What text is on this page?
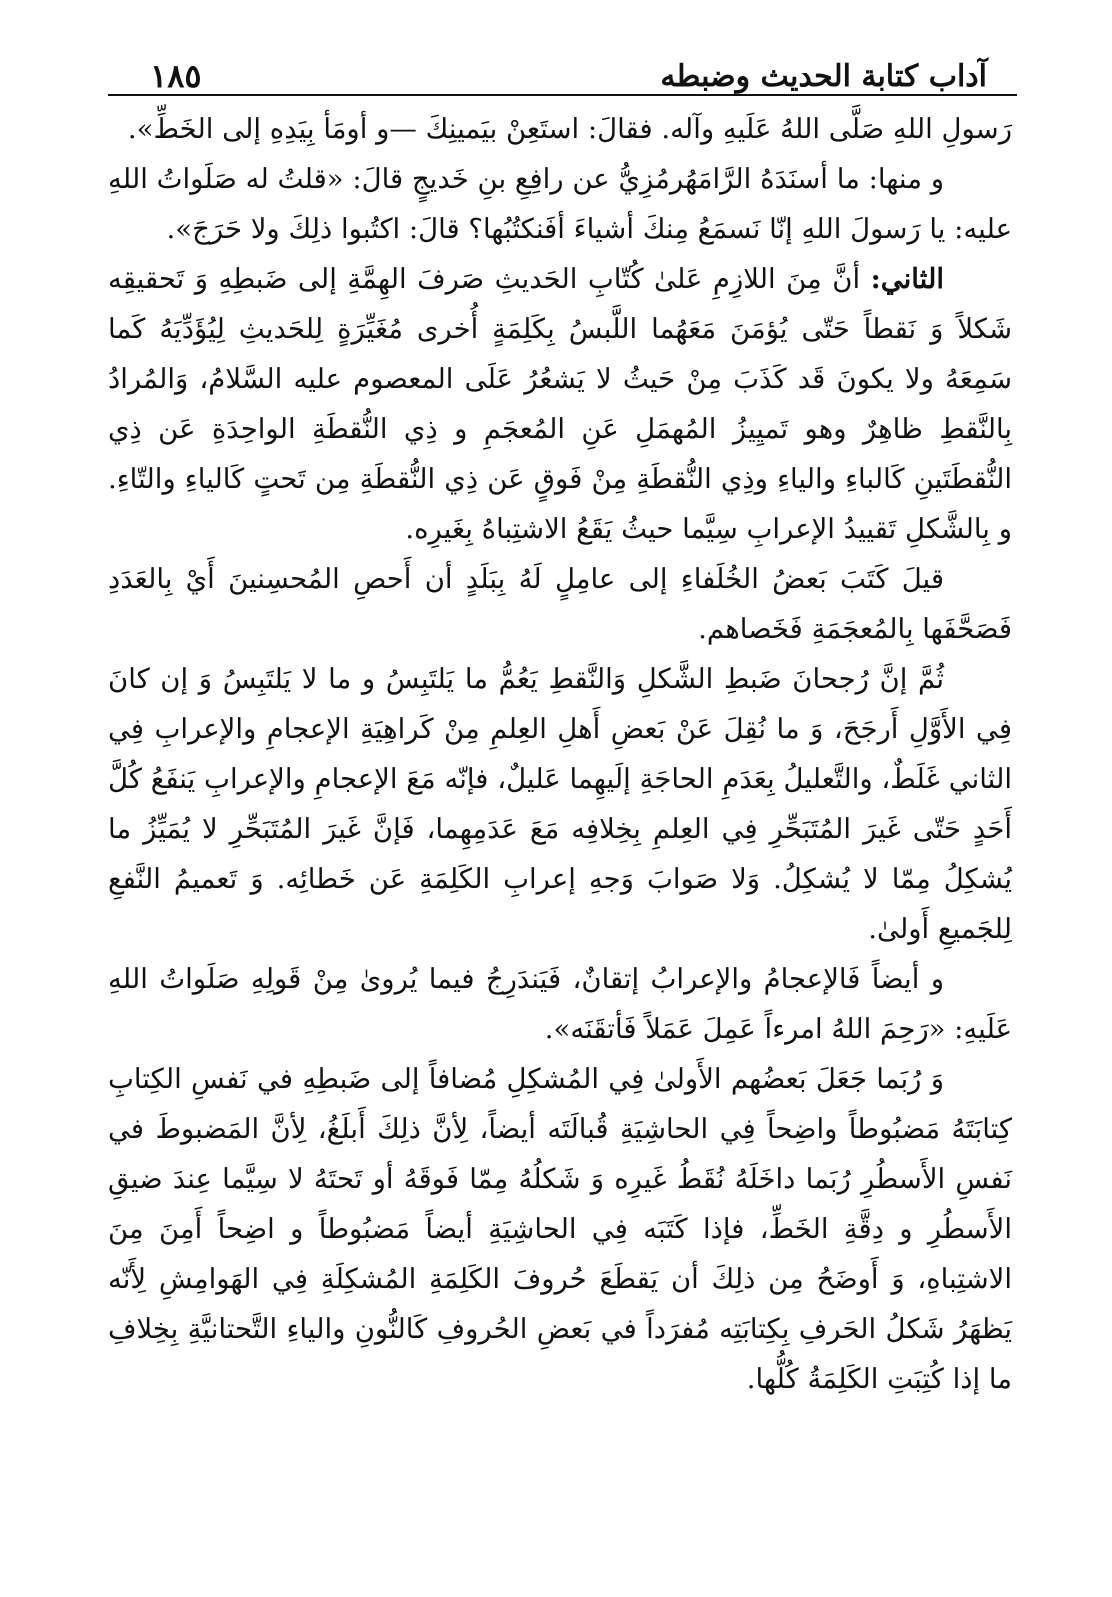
آداب كتابة الحديث وضبطه
١٨٥

رَسولِ اللهِ صَلَّى اللهُ عَلَيهِ وآله. فقالَ: استَعِنْ بيَمينِكَ —و أومَأ بِيَدِهِ إلى الخَطِّ».

و منها: ما أسنَدَهُ الرَّامَهُرمُزِيُّ عن رافِعِ بنِ خَديجٍ قالَ: «قلتُ له صَلَواتُ اللهِ عليه: يا رَسولَ اللهِ إنّا نَسمَعُ مِنكَ أشياءَ أفَنكتُبُها؟ قالَ: اكتُبوا ذلِكَ ولا حَرَجَ».

الثاني: أنَّ مِنَ اللازِمِ عَلىٰ كُتّابِ الحَديثِ صَرفَ الهِمَّةِ إلى ضَبطِهِ وَ تَحقيقِه شَكلاً وَ نَقطاً حَتّى يُؤمَنَ مَعَهُما اللَّبسُ بِكَلِمَةٍ أُخرى مُغَيِّرَةٍ لِلحَديثِ لِيُؤَدِّيَهُ كَما سَمِعَهُ ولا يكونَ قَد كَذَبَ مِنْ حَيثُ لا يَشعُرُ عَلَى المعصوم عليه السَّلامُ، وَالمُرادُ بِالنَّقطِ ظاهِرٌ وهو تَميِيزُ المُهمَلِ عَنِ المُعجَمِ و ذِي النُّقطَةِ الواحِدَةِ عَن ذِي النُّقطَتَينِ كَالباءِ والياءِ وذِي النُّقطَةِ مِنْ فَوقٍ عَن ذِي النُّقطَةِ مِن تَحتٍ كَالياءِ والتّاءِ. و بِالشَّكلِ تَقييدُ الإعرابِ سِيَّما حيثُ يَقَعُ الاشتِباهُ بِغَيرِه.

قيلَ كَتَبَ بَعضُ الخُلَفاءِ إلى عامِلٍ لَهُ بِبَلَدٍ أن أَحصِ المُحسِنينَ أَيْ بِالعَدَدِ فَصَحَّفَها بِالمُعجَمَةِ فَخَصاهم.

ثُمَّ إنَّ رُجحانَ ضَبطِ الشَّكلِ وَالنَّقطِ يَعُمُّ ما يَلتَبِسُ و ما لا يَلتَبِسُ وَ إن كانَ فِي الأَوَّلِ أَرجَحَ، وَ ما نُقِلَ عَنْ بَعضِ أَهلِ العِلمِ مِنْ كَراهِيَةِ الإعجامِ والإعرابِ فِي الثاني غَلَطٌ، والتَّعليلُ بِعَدَمِ الحاجَةِ إلَيهِما عَليلٌ، فإنّه مَعَ الإعجامِ والإعرابِ يَنفَعُ كُلَّ أَحَدٍ حَتّى غَيرَ المُتَبَحِّرِ فِي العِلمِ بِخِلافِه مَعَ عَدَمِهِما، فَإنَّ غَيرَ المُتَبَحِّرِ لا يُمَيِّزُ ما يُشكِلُ مِمّا لا يُشكِلُ. وَلا صَوابَ وَجهِ إعرابِ الكَلِمَةِ عَن خَطائِه. وَ تَعميمُ النَّفعِ لِلجَميعِ أَولىٰ.

و أيضاً فَالإعجامُ والإعرابُ إتقانٌ، فَيَندَرِجُ فيما يُروىٰ مِنْ قَولِهِ صَلَواتُ اللهِ عَلَيهِ: «رَحِمَ اللهُ امرءاً عَمِلَ عَمَلاً فَأتقَنَه».

وَ رُبَما جَعَلَ بَعضُهم الأَولىٰ فِي المُشكِلِ مُضافاً إلى ضَبطِهِ في نَفسِ الكِتابِ كِتابَتَهُ مَضبُوطاً واضِحاً فِي الحاشِيَةِ قُبالَتَه أيضاً، لِأنَّ ذلِكَ أَبلَغُ، لِأنَّ المَضبوطَ في نَفسِ الأَسطُرِ رُبَما داخَلَهُ نُقَطُ غَيرِه وَ شَكلُهُ مِمّا فَوقَهُ أو تَحتَهُ لا سِيَّما عِندَ ضيقِ الأَسطُرِ و دِقَّةِ الخَطِّ، فإذا كَتَبَه فِي الحاشِيَةِ أيضاً مَضبُوطاً و اضِحاً أَمِنَ مِنَ الاشتِباهِ، وَ أَوضَحُ مِن ذلِكَ أن يَقطَعَ حُروفَ الكَلِمَةِ المُشكِلَةِ فِي الهَوامِشِ لِأَنّه يَظهَرُ شَكلُ الحَرفِ بِكِتابَتِه مُفرَداً في بَعضِ الحُروفِ كَالنُّونِ والياءِ التَّحتانيَّةِ بِخِلافِ ما إذا كُتِبَتِ الكَلِمَةُ كُلُّها.
